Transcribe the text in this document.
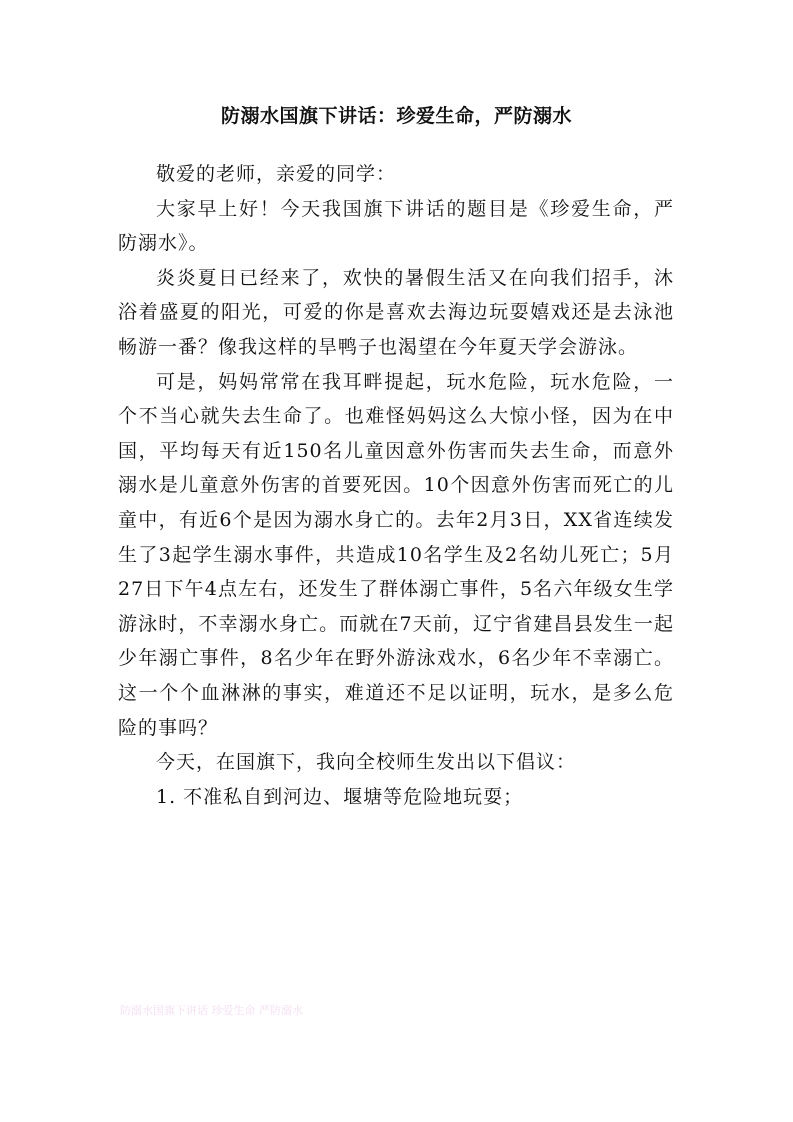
防溺水国旗下讲话：珍爱生命，严防溺水

敬爱的老师，亲爱的同学：

大家早上好！今天我国旗下讲话的题目是《珍爱生命，严防溺水》。

炎炎夏日已经来了，欢快的暑假生活又在向我们招手，沐浴着盛夏的阳光，可爱的你是喜欢去海边玩耍嬉戏还是去泳池畅游一番？像我这样的旱鸭子也渴望在今年夏天学会游泳。

可是，妈妈常常在我耳畔提起，玩水危险，玩水危险，一个不当心就失去生命了。也难怪妈妈这么大惊小怪，因为在中国，平均每天有近150名儿童因意外伤害而失去生命，而意外溺水是儿童意外伤害的首要死因。10个因意外伤害而死亡的儿童中，有近6个是因为溺水身亡的。去年2月3日，XX省连续发生了3起学生溺水事件，共造成10名学生及2名幼儿死亡；5月27日下午4点左右，还发生了群体溺亡事件，5名六年级女生学游泳时，不幸溺水身亡。而就在7天前，辽宁省建昌县发生一起少年溺亡事件，8名少年在野外游泳戏水，6名少年不幸溺亡。这一个个血淋淋的事实，难道还不足以证明，玩水，是多么危险的事吗？

今天，在国旗下，我向全校师生发出以下倡议：

1. 不准私自到河边、堰塘等危险地玩耍；

防溺水国旗下讲话 珍爱生命 严防溺水
